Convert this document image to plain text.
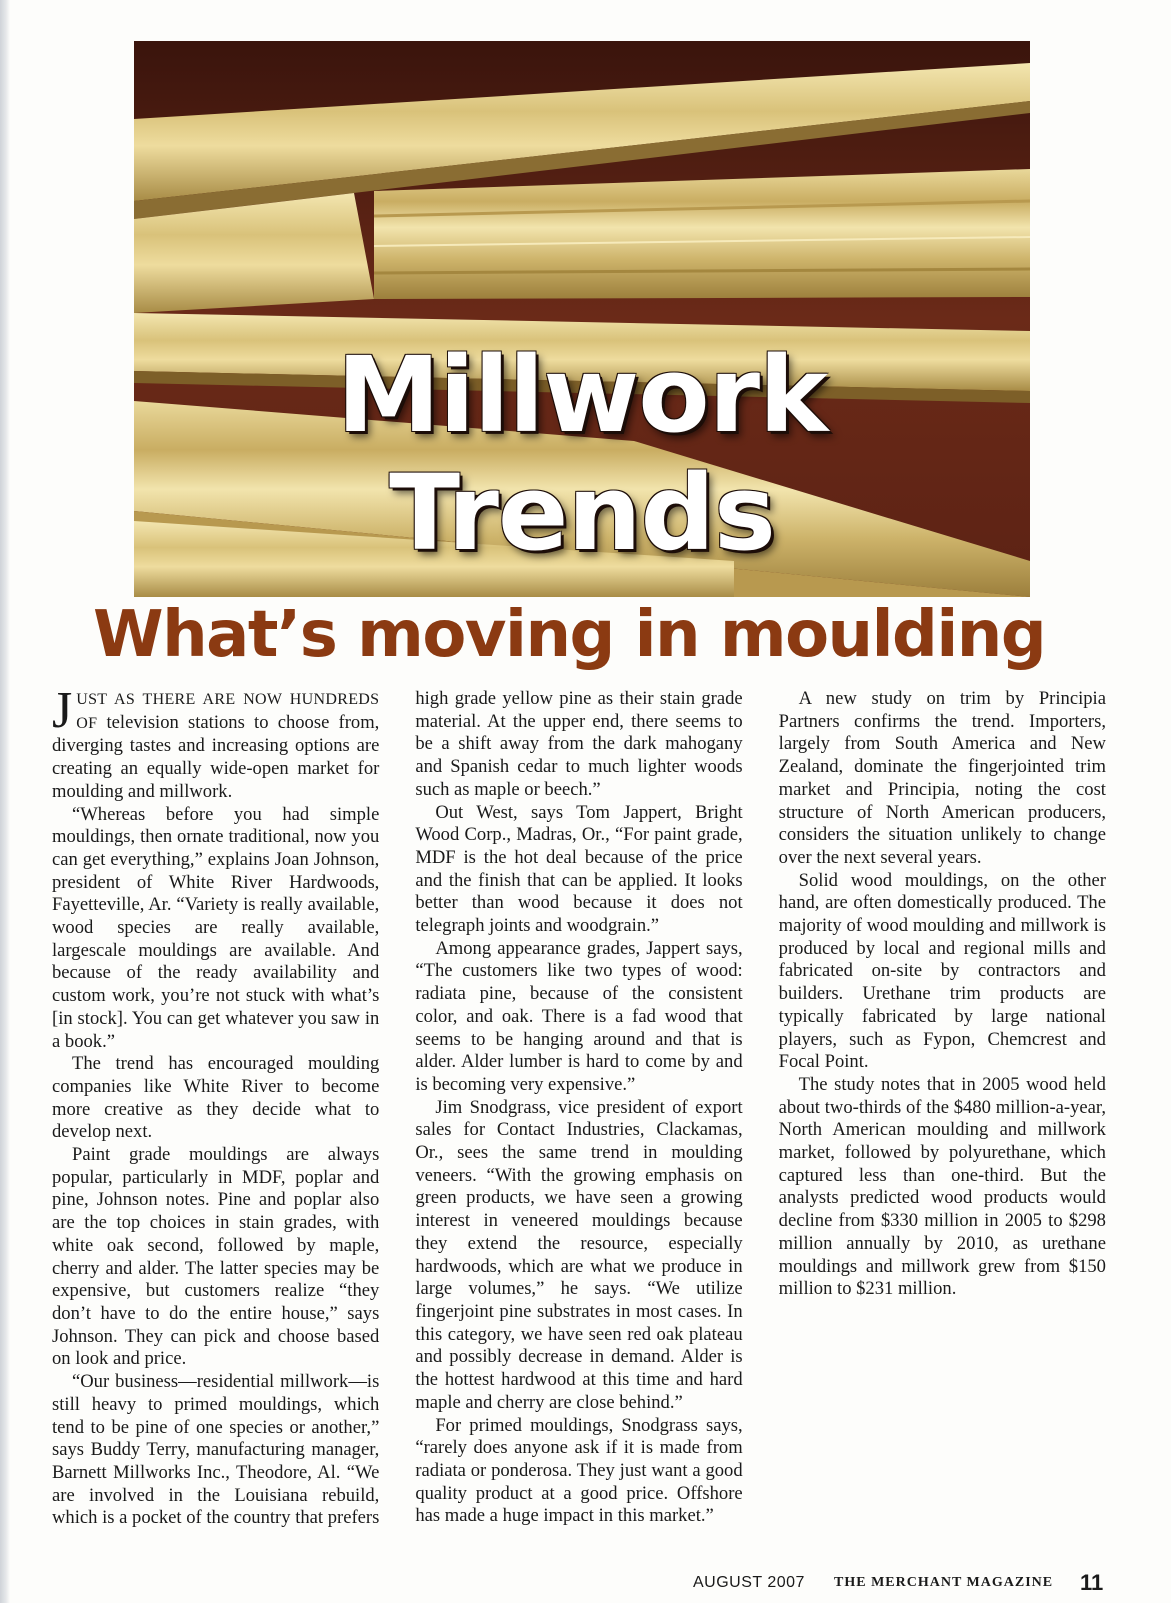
Millwork
Trends
What’s moving in moulding

JUST AS THERE ARE NOW HUNDREDS OF television stations to choose from, diverging tastes and increasing options are creating an equally wide-open market for moulding and millwork.

“Whereas before you had simple mouldings, then ornate traditional, now you can get everything,” explains Joan Johnson, president of White River Hardwoods, Fayetteville, Ar. “Variety is really available, wood species are really available, largescale mouldings are available. And because of the ready availability and custom work, you’re not stuck with what’s [in stock]. You can get whatever you saw in a book.”

The trend has encouraged moulding companies like White River to become more creative as they decide what to develop next.

Paint grade mouldings are always popular, particularly in MDF, poplar and pine, Johnson notes. Pine and poplar also are the top choices in stain grades, with white oak second, followed by maple, cherry and alder. The latter species may be expensive, but customers realize “they don’t have to do the entire house,” says Johnson. They can pick and choose based on look and price.

“Our business—residential millwork—is still heavy to primed mouldings, which tend to be pine of one species or another,” says Buddy Terry, manufacturing manager, Barnett Millworks Inc., Theodore, Al. “We are involved in the Louisiana rebuild, which is a pocket of the country that prefers high grade yellow pine as their stain grade material. At the upper end, there seems to be a shift away from the dark mahogany and Spanish cedar to much lighter woods such as maple or beech.”

Out West, says Tom Jappert, Bright Wood Corp., Madras, Or., “For paint grade, MDF is the hot deal because of the price and the finish that can be applied. It looks better than wood because it does not telegraph joints and woodgrain.”

Among appearance grades, Jappert says, “The customers like two types of wood: radiata pine, because of the consistent color, and oak. There is a fad wood that seems to be hanging around and that is alder. Alder lumber is hard to come by and is becoming very expensive.”

Jim Snodgrass, vice president of export sales for Contact Industries, Clackamas, Or., sees the same trend in moulding veneers. “With the growing emphasis on green products, we have seen a growing interest in veneered mouldings because they extend the resource, especially hardwoods, which are what we produce in large volumes,” he says. “We utilize fingerjoint pine substrates in most cases. In this category, we have seen red oak plateau and possibly decrease in demand. Alder is the hottest hardwood at this time and hard maple and cherry are close behind.”

For primed mouldings, Snodgrass says, “rarely does anyone ask if it is made from radiata or ponderosa. They just want a good quality product at a good price. Offshore has made a huge impact in this market.”

A new study on trim by Principia Partners confirms the trend. Importers, largely from South America and New Zealand, dominate the fingerjointed trim market and Principia, noting the cost structure of North American producers, considers the situation unlikely to change over the next several years.

Solid wood mouldings, on the other hand, are often domestically produced. The majority of wood moulding and millwork is produced by local and regional mills and fabricated on-site by contractors and builders. Urethane trim products are typically fabricated by large national players, such as Fypon, Chemcrest and Focal Point.

The study notes that in 2005 wood held about two-thirds of the $480 million-a-year, North American moulding and millwork market, followed by polyurethane, which captured less than one-third. But the analysts predicted wood products would decline from $330 million in 2005 to $298 million annually by 2010, as urethane mouldings and millwork grew from $150 million to $231 million.

AUGUST 2007 THE MERCHANT MAGAZINE 11
